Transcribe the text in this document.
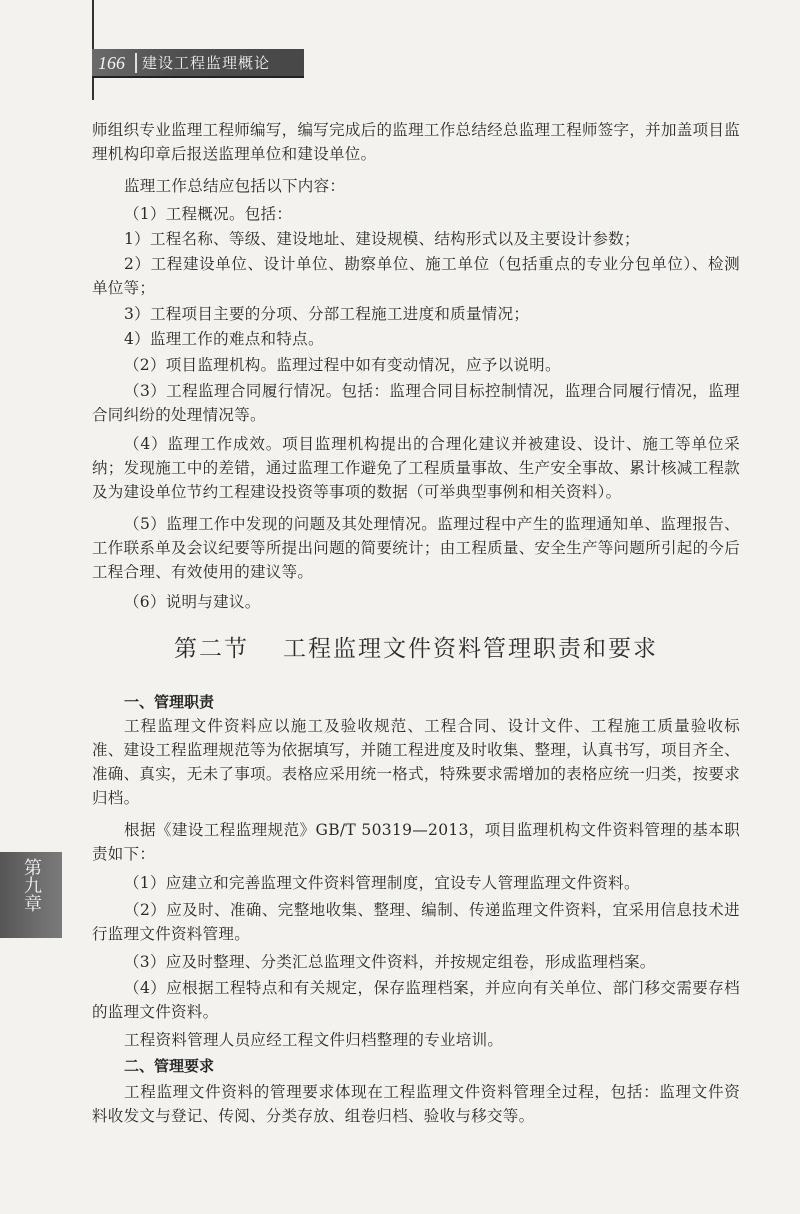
166 建设工程监理概论

师组织专业监理工程师编写，编写完成后的监理工作总结经总监理工程师签字，并加盖项目监理机构印章后报送监理单位和建设单位。

监理工作总结应包括以下内容：

（1）工程概况。包括：

1）工程名称、等级、建设地址、建设规模、结构形式以及主要设计参数；

2）工程建设单位、设计单位、勘察单位、施工单位（包括重点的专业分包单位）、检测单位等；

3）工程项目主要的分项、分部工程施工进度和质量情况；

4）监理工作的难点和特点。

（2）项目监理机构。监理过程中如有变动情况，应予以说明。

（3）工程监理合同履行情况。包括：监理合同目标控制情况，监理合同履行情况，监理合同纠纷的处理情况等。

（4）监理工作成效。项目监理机构提出的合理化建议并被建设、设计、施工等单位采纳；发现施工中的差错，通过监理工作避免了工程质量事故、生产安全事故、累计核减工程款及为建设单位节约工程建设投资等事项的数据（可举典型事例和相关资料）。

（5）监理工作中发现的问题及其处理情况。监理过程中产生的监理通知单、监理报告、工作联系单及会议纪要等所提出问题的简要统计；由工程质量、安全生产等问题所引起的今后工程合理、有效使用的建议等。

（6）说明与建议。

第二节 工程监理文件资料管理职责和要求

一、管理职责

工程监理文件资料应以施工及验收规范、工程合同、设计文件、工程施工质量验收标准、建设工程监理规范等为依据填写，并随工程进度及时收集、整理，认真书写，项目齐全、准确、真实，无未了事项。表格应采用统一格式，特殊要求需增加的表格应统一归类，按要求归档。

根据《建设工程监理规范》GB/T 50319—2013，项目监理机构文件资料管理的基本职责如下：

（1）应建立和完善监理文件资料管理制度，宜设专人管理监理文件资料。

（2）应及时、准确、完整地收集、整理、编制、传递监理文件资料，宜采用信息技术进行监理文件资料管理。

（3）应及时整理、分类汇总监理文件资料，并按规定组卷，形成监理档案。

（4）应根据工程特点和有关规定，保存监理档案，并应向有关单位、部门移交需要存档的监理文件资料。

工程资料管理人员应经工程文件归档整理的专业培训。

二、管理要求

工程监理文件资料的管理要求体现在工程监理文件资料管理全过程，包括：监理文件资料收发文与登记、传阅、分类存放、组卷归档、验收与移交等。

第九章
